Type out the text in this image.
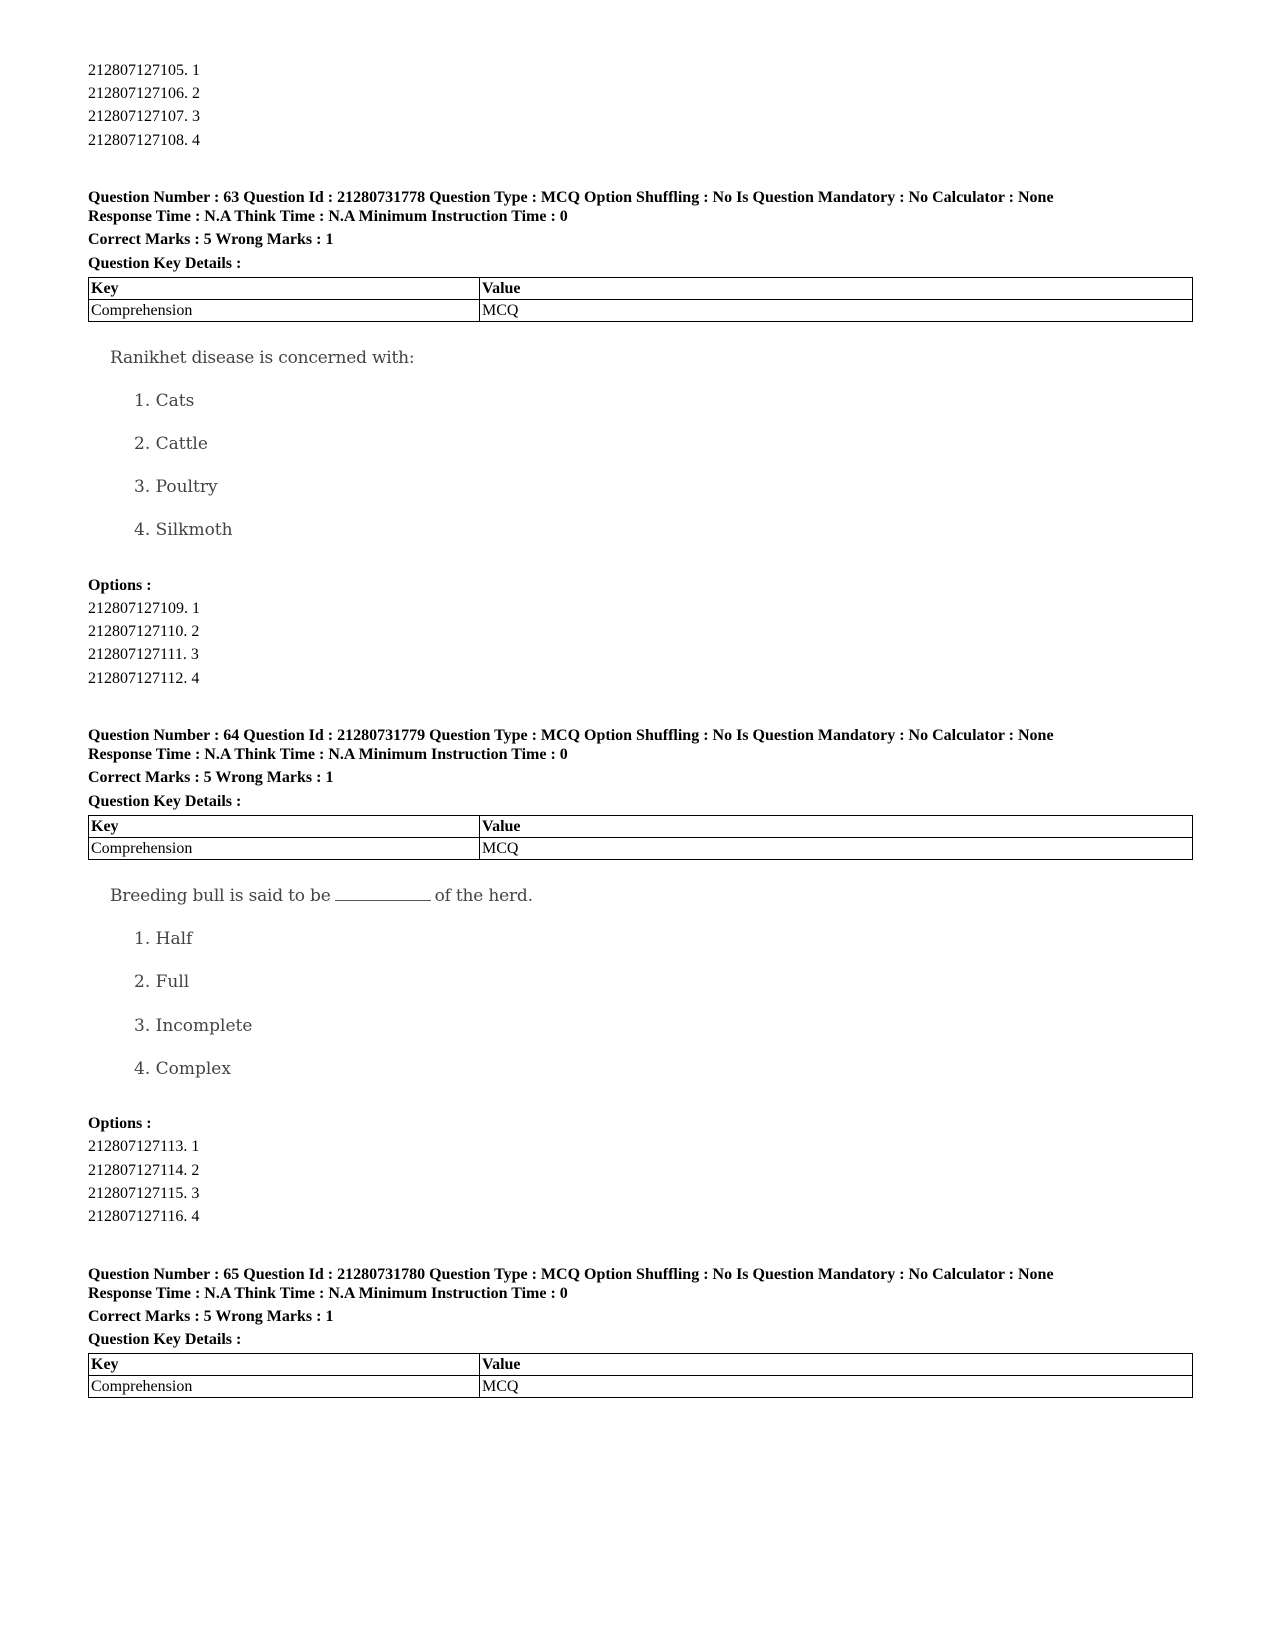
212807127105. 1
212807127106. 2
212807127107. 3
212807127108. 4
Question Number : 63 Question Id : 21280731778 Question Type : MCQ Option Shuffling : No Is Question Mandatory : No Calculator : None
Response Time : N.A Think Time : N.A Minimum Instruction Time : 0
Correct Marks : 5 Wrong Marks : 1
Question Key Details :
Key	Value
Comprehension	MCQ
Ranikhet disease is concerned with:
1. Cats
2. Cattle
3. Poultry
4. Silkmoth
Options :
212807127109. 1
212807127110. 2
212807127111. 3
212807127112. 4
Question Number : 64 Question Id : 21280731779 Question Type : MCQ Option Shuffling : No Is Question Mandatory : No Calculator : None
Response Time : N.A Think Time : N.A Minimum Instruction Time : 0
Correct Marks : 5 Wrong Marks : 1
Question Key Details :
Key	Value
Comprehension	MCQ
Breeding bull is said to be	of the herd.
1. Half
2. Full
3. Incomplete
4. Complex
Options :
212807127113. 1
212807127114. 2
212807127115. 3
212807127116. 4
Question Number : 65 Question Id : 21280731780 Question Type : MCQ Option Shuffling : No Is Question Mandatory : No Calculator : None
Response Time : N.A Think Time : N.A Minimum Instruction Time : 0
Correct Marks : 5 Wrong Marks : 1
Question Key Details :
Key	Value
Comprehension	MCQ
